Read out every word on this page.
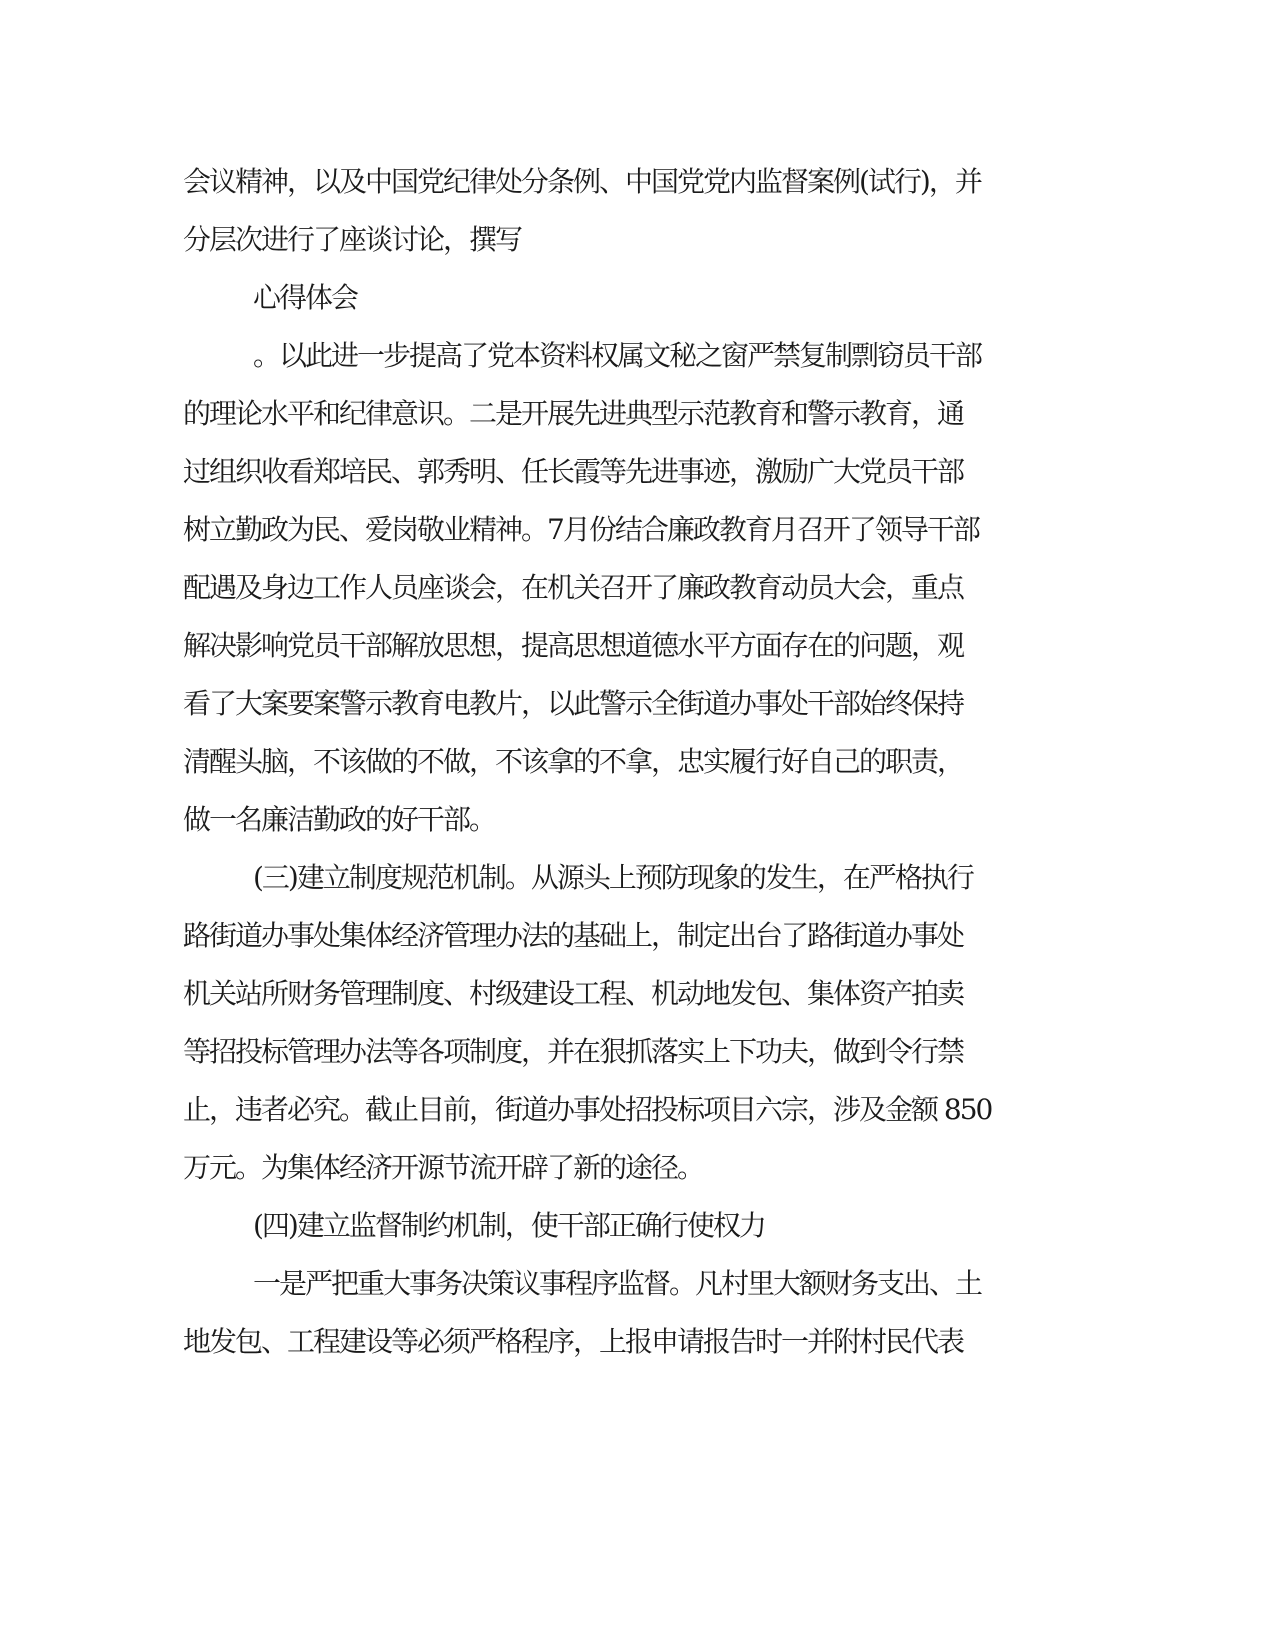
会议精神，以及中国党纪律处分条例、中国党党内监督案例(试行)，并
分层次进行了座谈讨论，撰写
心得体会
。以此进一步提高了党本资料权属文秘之窗严禁复制剽窃员干部
的理论水平和纪律意识。二是开展先进典型示范教育和警示教育，通
过组织收看郑培民、郭秀明、任长霞等先进事迹，激励广大党员干部
树立勤政为民、爱岗敬业精神。7月份结合廉政教育月召开了领导干部
配遇及身边工作人员座谈会，在机关召开了廉政教育动员大会，重点
解决影响党员干部解放思想，提高思想道德水平方面存在的问题，观
看了大案要案警示教育电教片，以此警示全街道办事处干部始终保持
清醒头脑，不该做的不做，不该拿的不拿，忠实履行好自己的职责，
做一名廉洁勤政的好干部。
(三)建立制度规范机制。从源头上预防现象的发生，在严格执行
路街道办事处集体经济管理办法的基础上，制定出台了路街道办事处
机关站所财务管理制度、村级建设工程、机动地发包、集体资产拍卖
等招投标管理办法等各项制度，并在狠抓落实上下功夫，做到令行禁
止，违者必究。截止目前，街道办事处招投标项目六宗，涉及金额 850
万元。为集体经济开源节流开辟了新的途径。
(四)建立监督制约机制，使干部正确行使权力
一是严把重大事务决策议事程序监督。凡村里大额财务支出、土
地发包、工程建设等必须严格程序，上报申请报告时一并附村民代表
